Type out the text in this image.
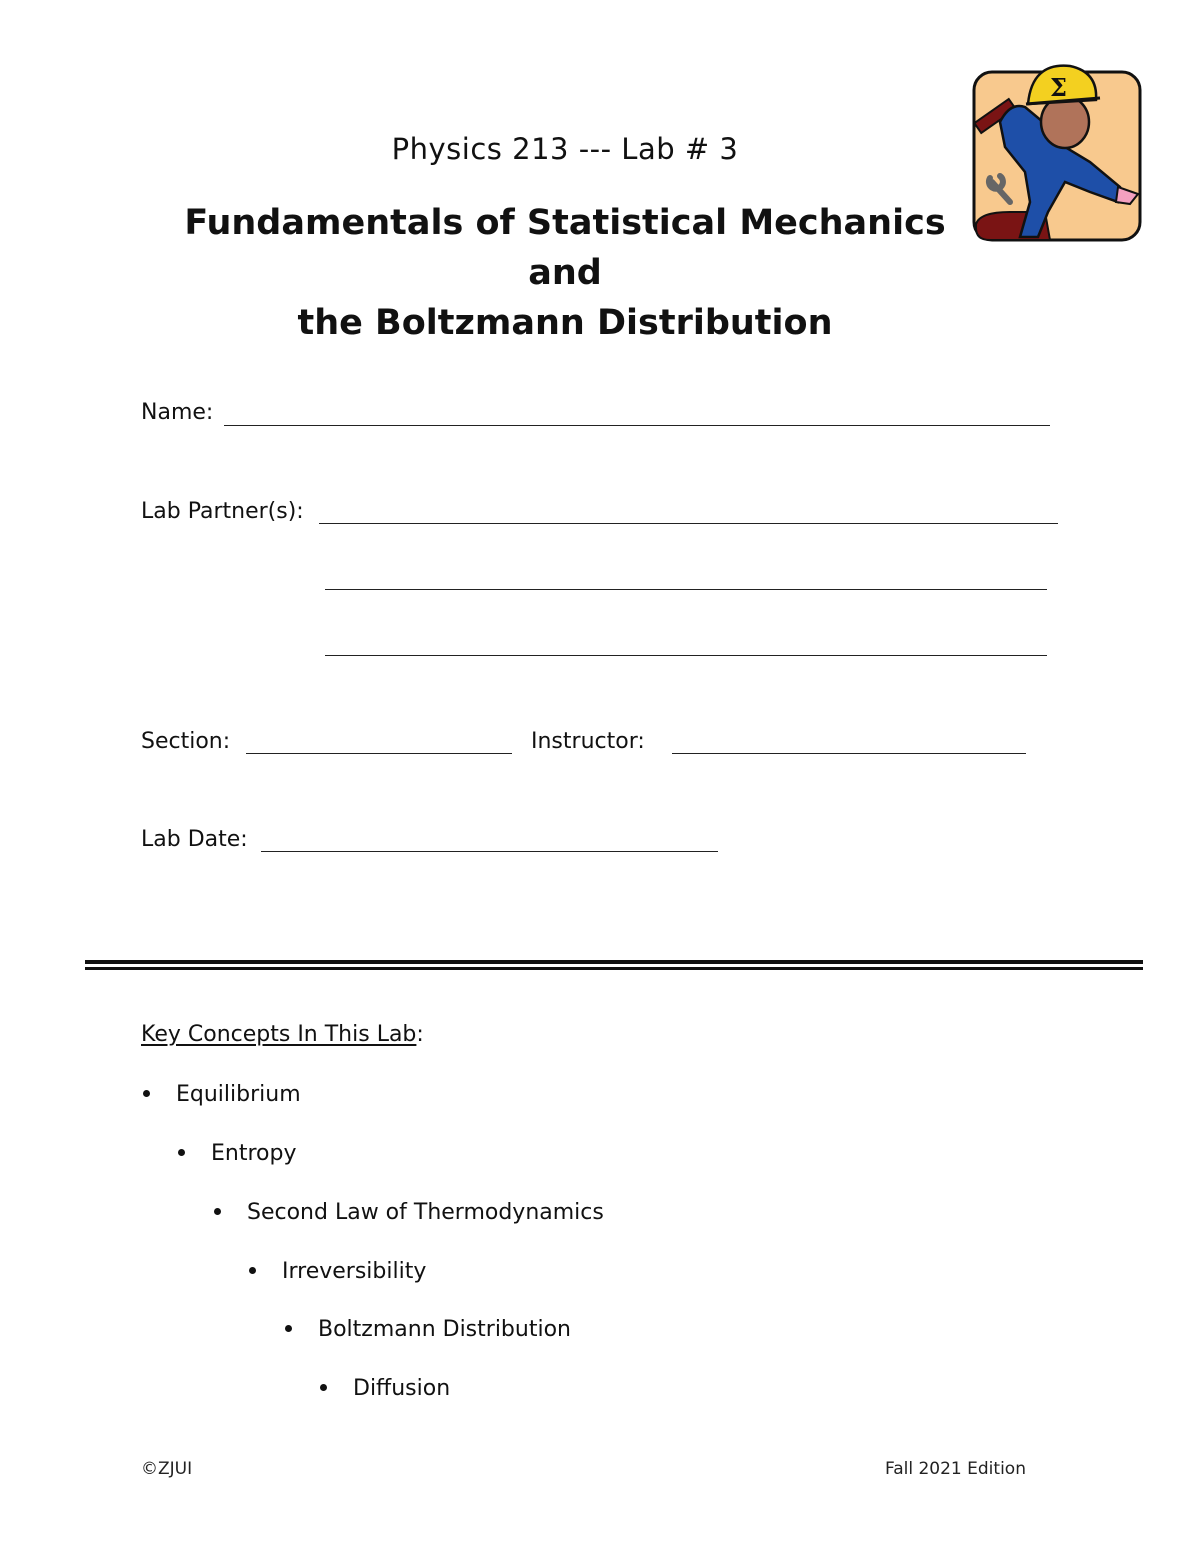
Physics 213 --- Lab # 3
Fundamentals of Statistical Mechanics and
the Boltzmann Distribution
Σ
Name:
Lab Partner(s):
Section:	Instructor:
Lab Date:
Key Concepts In This Lab:
Equilibrium
Entropy
Second Law of Thermodynamics
Irreversibility
Boltzmann Distribution
Diffusion
©ZJUI	Fall 2021 Edition
